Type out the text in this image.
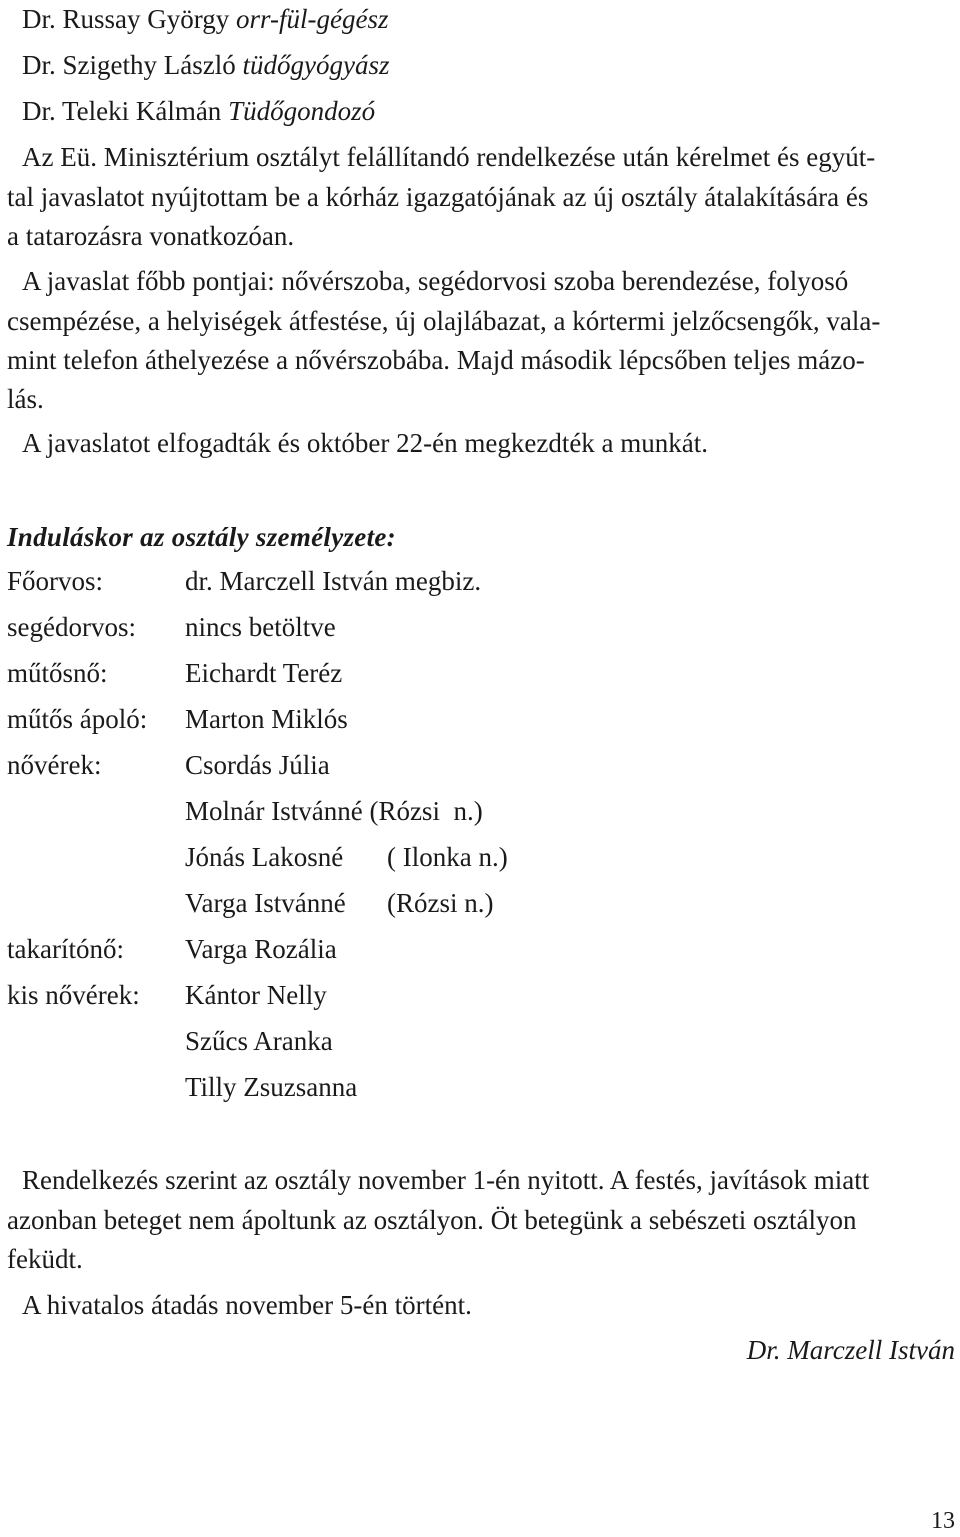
Dr. Russay György orr-fül-gégész
Dr. Szigethy László tüdőgyógyász
Dr. Teleki Kálmán Tüdőgondozó
Az Eü. Minisztérium osztályt felállítandó rendelkezése után kérelmet és egyút-
tal javaslatot nyújtottam be a kórház igazgatójának az új osztály átalakítására és
a tatarozásra vonatkozóan.
A javaslat főbb pontjai: nővérszoba, segédorvosi szoba berendezése, folyosó
csempézése, a helyiségek átfestése, új olajlábazat, a kórtermi jelzőcsengők, vala-
mint telefon áthelyezése a nővérszobába. Majd második lépcsőben teljes mázo-
lás.
A javaslatot elfogadták és október 22-én megkezdték a munkát.
Induláskor az osztály személyzete:
Főorvos:	dr. Marczell István megbiz.
segédorvos: nincs betöltve
műtősnő:	Eichardt Teréz
műtős ápoló: Marton Miklós
nővérek:	Csordás Júlia
Molnár Istvánné (Rózsi  n.)
Jónás Lakosné ( Ilonka n.)
Varga Istvánné (Rózsi n.)
takarítónő: Varga Rozália
kis nővérek: Kántor Nelly
Szűcs Aranka
Tilly Zsuzsanna
Rendelkezés szerint az osztály november 1-én nyitott. A festés, javítások miatt
azonban beteget nem ápoltunk az osztályon. Öt betegünk a sebészeti osztályon
feküdt.
A hivatalos átadás november 5-én történt.
Dr. Marczell István
13
